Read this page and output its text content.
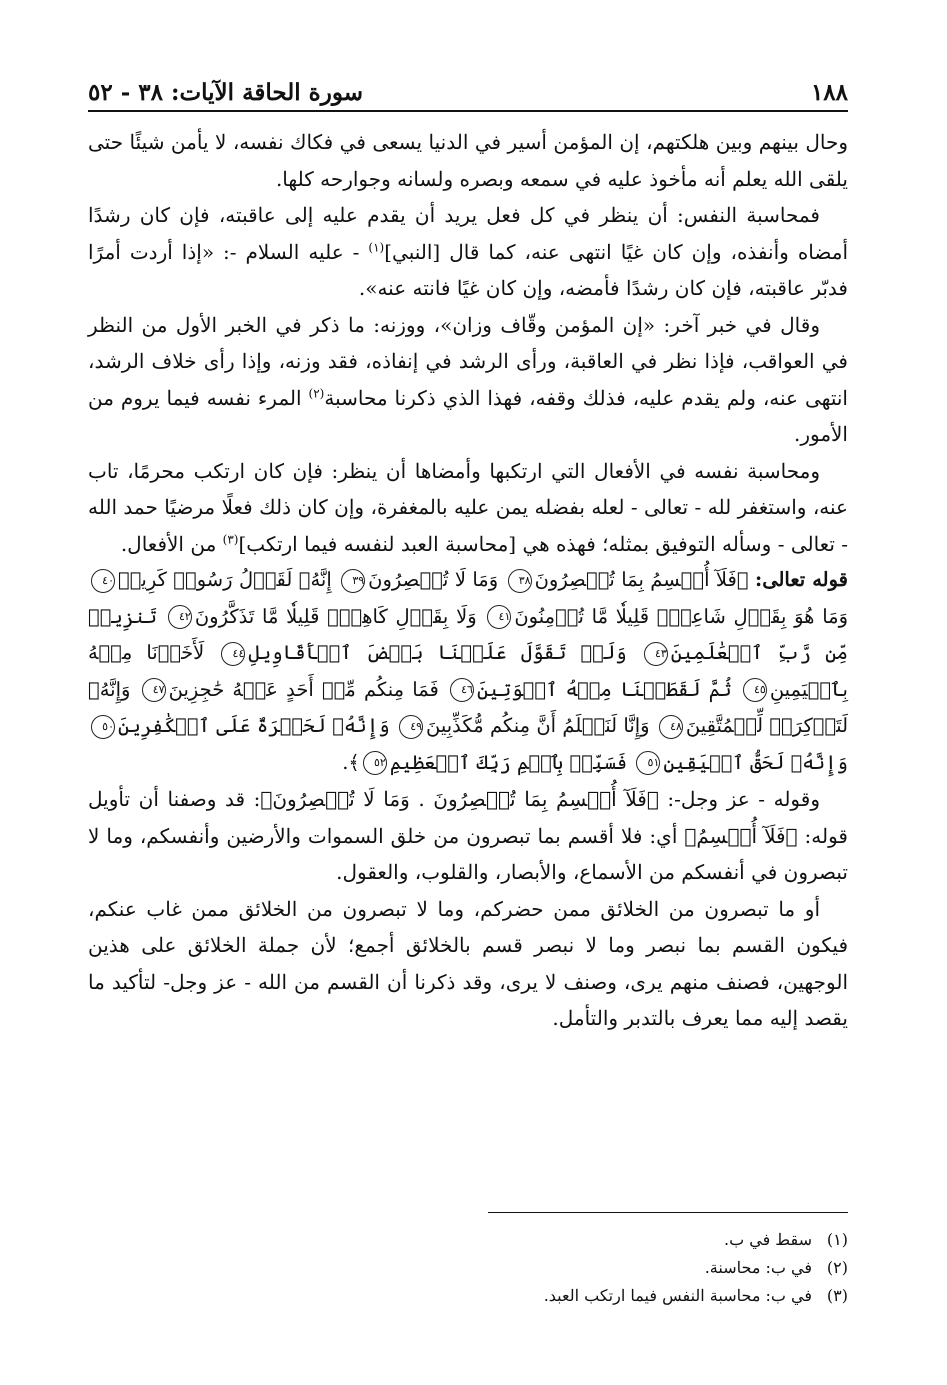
١٨٨
سورة الحاقة الآيات: ٣٨ - ٥٢

وحال بينهم وبين هلكتهم، إن المؤمن أسير في الدنيا يسعى في فكاك نفسه، لا يأمن شيئًا حتى يلقى الله يعلم أنه مأخوذ عليه في سمعه وبصره ولسانه وجوارحه كلها.

فمحاسبة النفس: أن ينظر في كل فعل يريد أن يقدم عليه إلى عاقبته، فإن كان رشدًا أمضاه وأنفذه، وإن كان غيًا انتهى عنه، كما قال [النبي]$^{(١)}$ - عليه السلام -: «إذا أردت أمرًا فدبّر عاقبته، فإن كان رشدًا فأمضه، وإن كان غيًا فانته عنه».

وقال في خبر آخر: «إن المؤمن وقّاف وزان»، ووزنه: ما ذكر في الخبر الأول من النظر في العواقب، فإذا نظر في العاقبة، ورأى الرشد في إنفاذه، فقد وزنه، وإذا رأى خلاف الرشد، انتهى عنه، ولم يقدم عليه، فذلك وقفه، فهذا الذي ذكرنا محاسبة$^{(٢)}$ المرء نفسه فيما يروم من الأمور.

ومحاسبة نفسه في الأفعال التي ارتكبها وأمضاها أن ينظر: فإن كان ارتكب محرمًا، تاب عنه، واستغفر لله - تعالى - لعله بفضله يمن عليه بالمغفرة، وإن كان ذلك فعلًا مرضيًا حمد الله - تعالى - وسأله التوفيق بمثله؛ فهذه هي [محاسبة العبد لنفسه فيما ارتكب]$^{(٣)}$ من الأفعال.

قوله تعالى: ﴿فَلَآ أُقۡسِمُ بِمَا تُبۡصِرُونَ٣٨ وَمَا لَا تُبۡصِرُونَ٣٩ إِنَّهُۥ لَقَوۡلُ رَسُولٖ كَرِيمٖ٤٠ وَمَا هُوَ بِقَوۡلِ شَاعِرٖۚ قَلِيلٗا مَّا تُؤۡمِنُونَ٤١ وَلَا بِقَوۡلِ كَاهِنٖۚ قَلِيلٗا مَّا تَذَكَّرُونَ٤٢ تَنزِيلٞ مِّن رَّبِّ ٱلۡعَٰلَمِينَ٤٣ وَلَوۡ تَقَوَّلَ عَلَيۡنَا بَعۡضَ ٱلۡأَقَاوِيلِ٤٤ لَأَخَذۡنَا مِنۡهُ بِٱلۡيَمِينِ٤٥ ثُمَّ لَقَطَعۡنَا مِنۡهُ ٱلۡوَتِينَ٤٦ فَمَا مِنكُم مِّنۡ أَحَدٍ عَنۡهُ حَٰجِزِينَ٤٧ وَإِنَّهُۥ لَتَذۡكِرَةٞ لِّلۡمُتَّقِينَ٤٨ وَإِنَّا لَنَعۡلَمُ أَنَّ مِنكُم مُّكَذِّبِينَ٤٩ وَإِنَّهُۥ لَحَسۡرَةٌ عَلَى ٱلۡكَٰفِرِينَ٥٠ وَإِنَّهُۥ لَحَقُّ ٱلۡيَقِينِ٥١ فَسَبِّحۡ بِٱسۡمِ رَبِّكَ ٱلۡعَظِيمِ٥٢﴾.

وقوله - عز وجل-: ﴿فَلَآ أُقۡسِمُ بِمَا تُبۡصِرُونَ . وَمَا لَا تُبۡصِرُونَ﴾: قد وصفنا أن تأويل قوله: ﴿فَلَآ أُقۡسِمُ﴾ أي: فلا أقسم بما تبصرون من خلق السموات والأرضين وأنفسكم، وما لا تبصرون في أنفسكم من الأسماع، والأبصار، والقلوب، والعقول.

أو ما تبصرون من الخلائق ممن حضركم، وما لا تبصرون من الخلائق ممن غاب عنكم، فيكون القسم بما نبصر وما لا نبصر قسم بالخلائق أجمع؛ لأن جملة الخلائق على هذين الوجهين، فصنف منهم يرى، وصنف لا يرى، وقد ذكرنا أن القسم من الله - عز وجل- لتأكيد ما يقصد إليه مما يعرف بالتدبر والتأمل.

(١)
سقط في ب.
(٢)
في ب: محاسنة.
(٣)
في ب: محاسبة النفس فيما ارتكب العبد.
